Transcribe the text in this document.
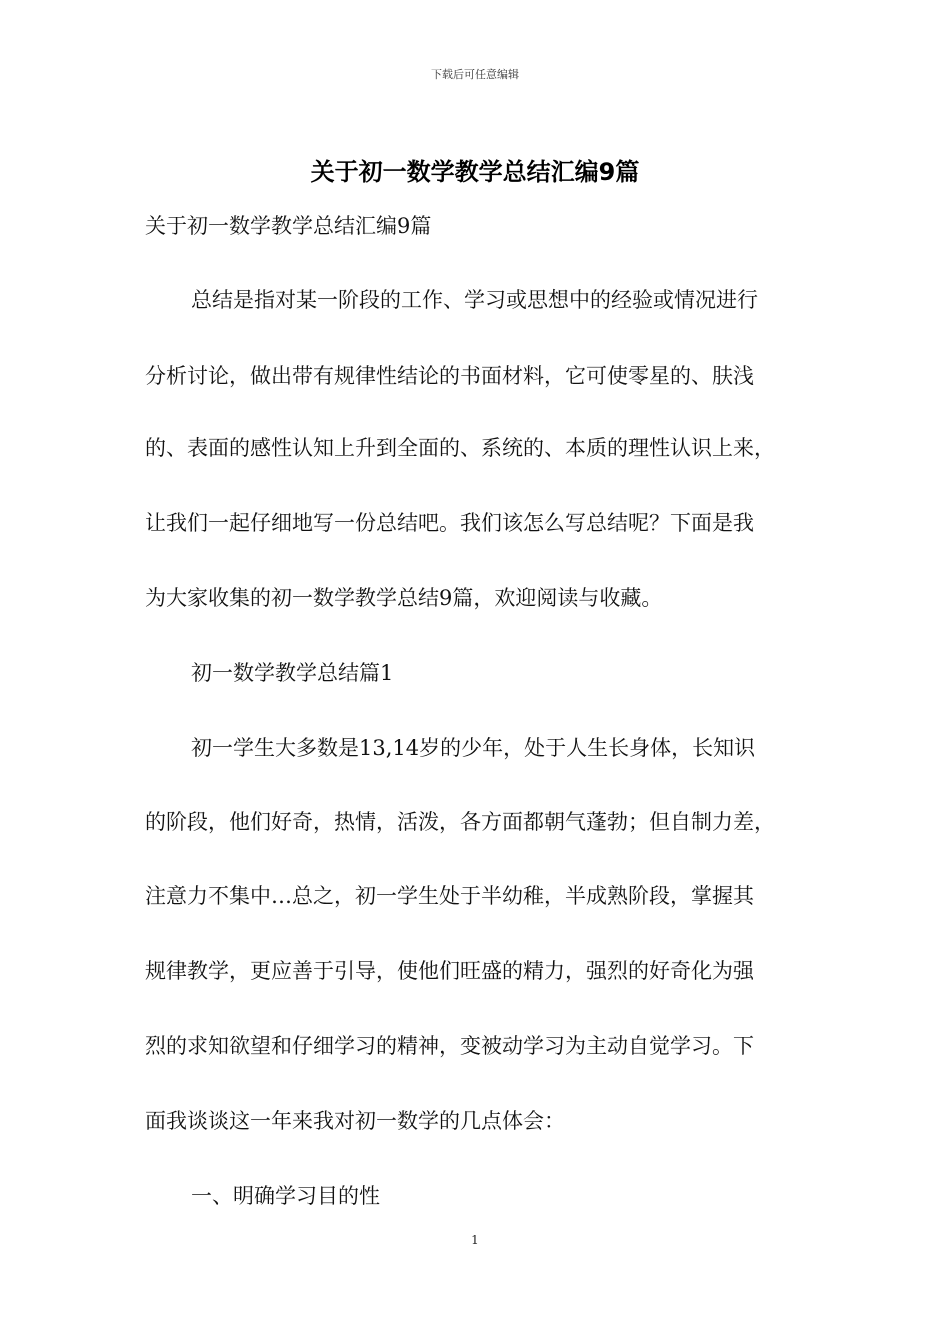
下载后可任意编辑
关于初一数学教学总结汇编9篇
关于初一数学教学总结汇编9篇
总结是指对某一阶段的工作、学习或思想中的经验或情况进行
分析讨论，做出带有规律性结论的书面材料，它可使零星的、肤浅
的、表面的感性认知上升到全面的、系统的、本质的理性认识上来，
让我们一起仔细地写一份总结吧。我们该怎么写总结呢？下面是我
为大家收集的初一数学教学总结9篇，欢迎阅读与收藏。
初一数学教学总结篇1
初一学生大多数是13,14岁的少年，处于人生长身体，长知识
的阶段，他们好奇，热情，活泼，各方面都朝气蓬勃；但自制力差，
注意力不集中…总之，初一学生处于半幼稚，半成熟阶段，掌握其
规律教学，更应善于引导，使他们旺盛的精力，强烈的好奇化为强
烈的求知欲望和仔细学习的精神，变被动学习为主动自觉学习。下
面我谈谈这一年来我对初一数学的几点体会：
一、明确学习目的性
1
